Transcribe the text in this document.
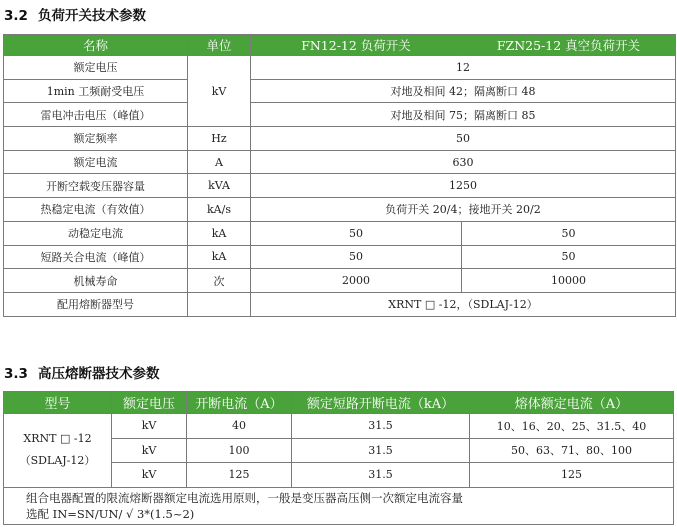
3.2 负荷开关技术参数
名称	单位	FN12-12 负荷开关	FZN25-12 真空负荷开关
额定电压	kV	12	
1min 工频耐受电压		对地及相间 42；隔离断口 48	
雷电冲击电压（峰值）		对地及相间 75；隔离断口 85	
额定频率	Hz	50	
额定电流	A	630	
开断空载变压器容量	kVA	1250	
热稳定电流（有效值）	kA/s	负荷开关 20/4；接地开关 20/2	
动稳定电流	kA	50	50
短路关合电流（峰值）	kA	50	50
机械寿命	次	2000	10000
配用熔断器型号		XRNT □ -12，（SDLAJ-12）	
3.3 高压熔断器技术参数
型号	额定电压	开断电流（A）	额定短路开断电流（kA）	熔体额定电流（A）

XRNT □ -12
（SDLAJ-12）	kV	40	31.5	10、16、20、25、31.5、40
	kV	100	31.5	50、63、71、80、100
	kV	125	31.5	125

组合电器配置的限流熔断器额定电流选用原则，一般是变压器高压侧一次额定电流容量
选配 IN=SN/UN/ √ 3*(1.5~2)				
